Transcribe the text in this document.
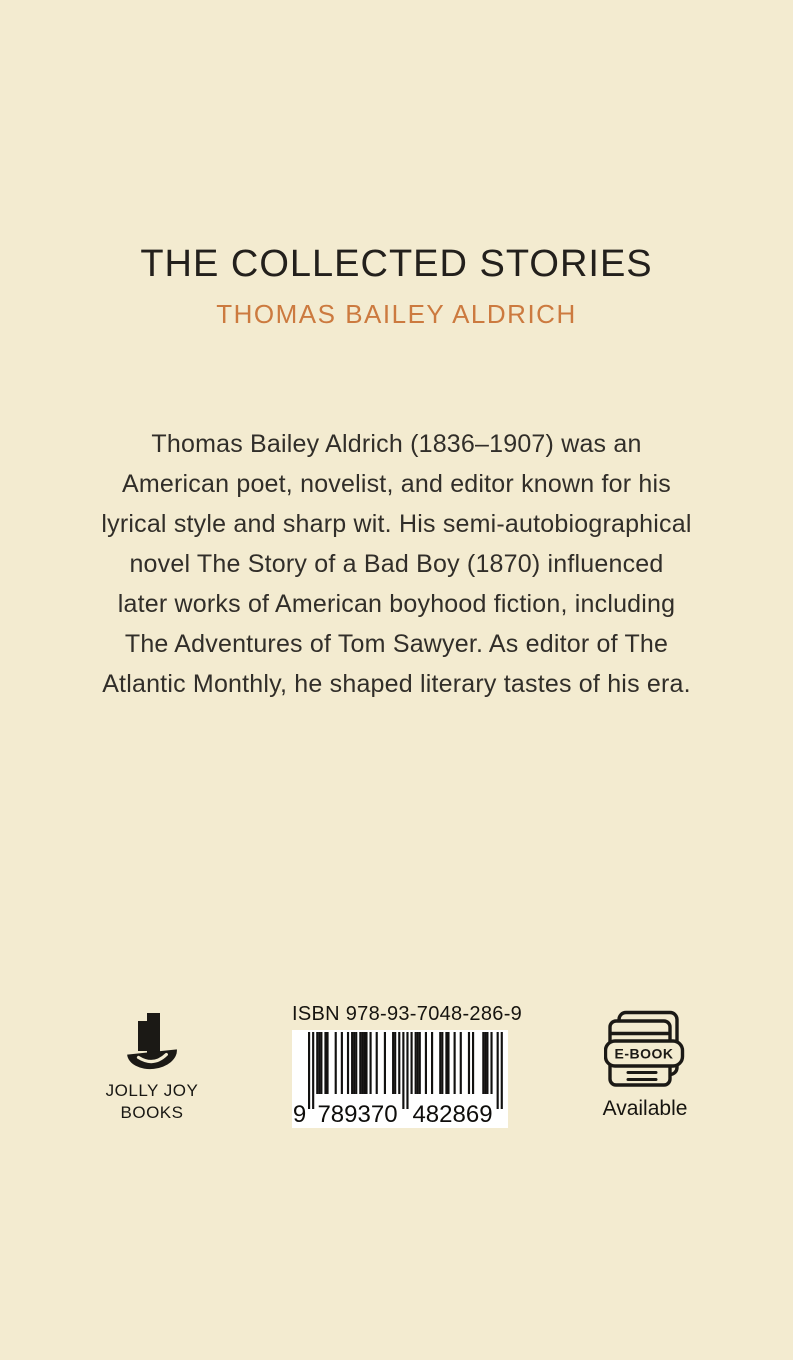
THE COLLECTED STORIES
THOMAS BAILEY ALDRICH
Thomas Bailey Aldrich (1836–1907) was an
American poet, novelist, and editor known for his
lyrical style and sharp wit. His semi-autobiographical
novel The Story of a Bad Boy (1870) influenced
later works of American boyhood fiction, including
The Adventures of Tom Sawyer. As editor of The
Atlantic Monthly, he shaped literary tastes of his era.
JOLLY JOY
BOOKS
ISBN 978-93-7048-286-9
9 789370 482869
E-BOOK
Available
